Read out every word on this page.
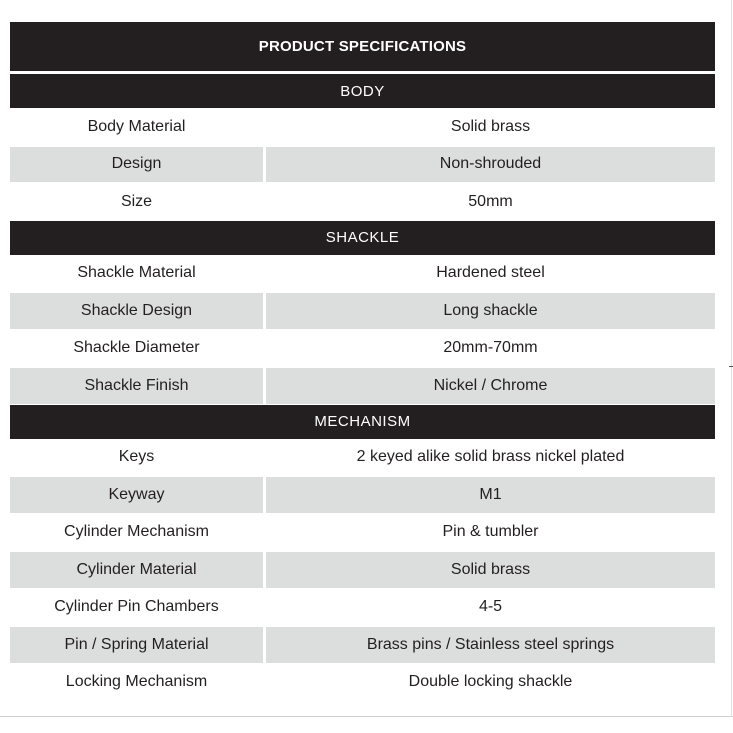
PRODUCT SPECIFICATIONS
BODY
Body Material	Solid brass
Design	Non-shrouded
Size	50mm
SHACKLE
Shackle Material	Hardened steel
Shackle Design	Long shackle
Shackle Diameter	20mm-70mm
Shackle Finish	Nickel / Chrome
MECHANISM
Keys	2 keyed alike solid brass nickel plated
Keyway	M1
Cylinder Mechanism	Pin & tumbler
Cylinder Material	Solid brass
Cylinder Pin Chambers	4-5
Pin / Spring Material	Brass pins / Stainless steel springs
Locking Mechanism	Double locking shackle
